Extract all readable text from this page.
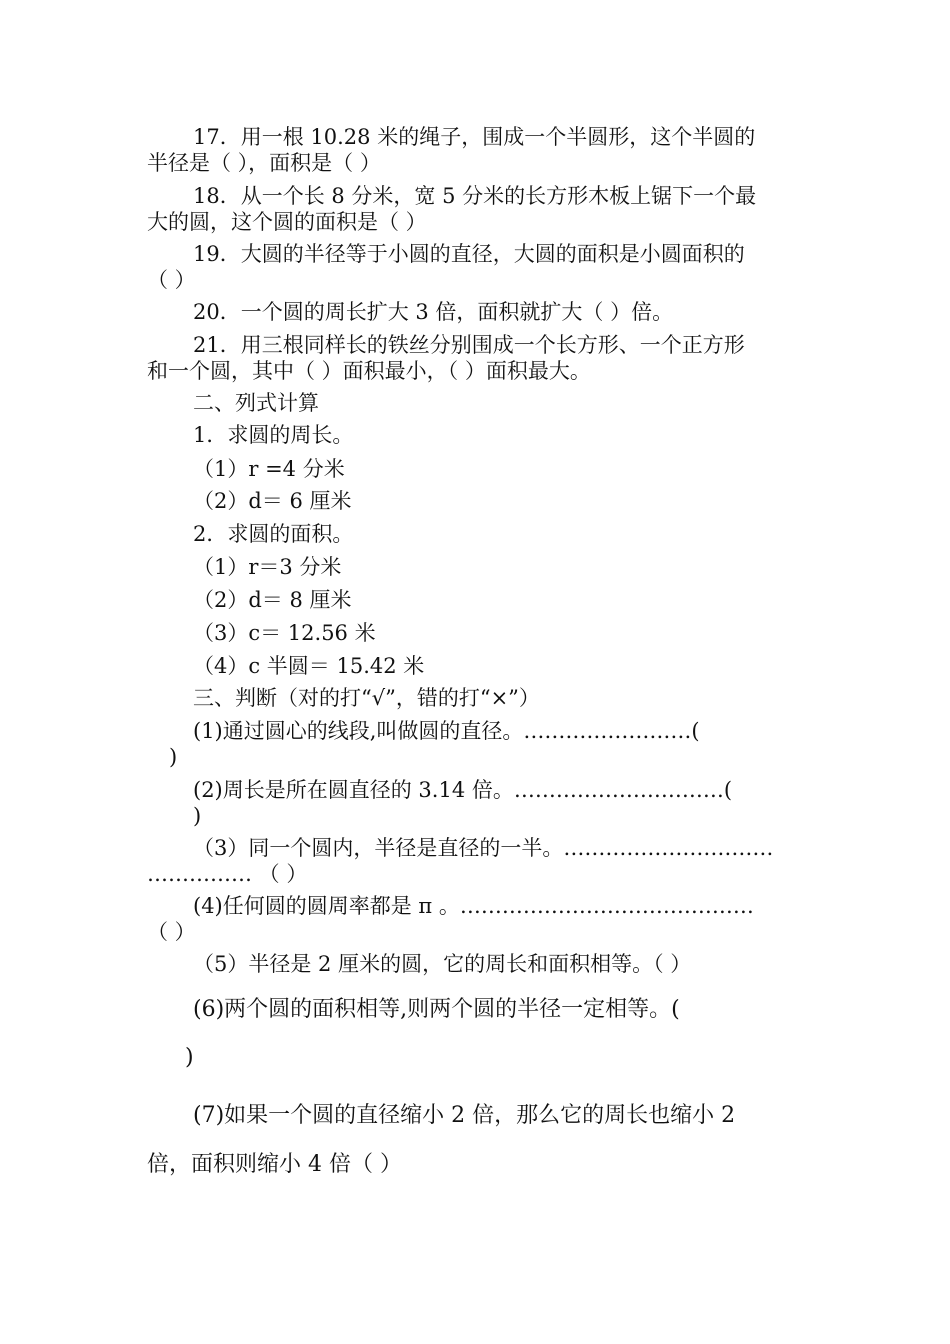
17．用一根 10.28 米的绳子，围成一个半圆形，这个半圆的
半径是（ ），面积是（ ）
18．从一个长 8 分米，宽 5 分米的长方形木板上锯下一个最
大的圆，这个圆的面积是（ ）
19．大圆的半径等于小圆的直径，大圆的面积是小圆面积的
（ ）
20．一个圆的周长扩大 3 倍，面积就扩大（ ）倍。
21．用三根同样长的铁丝分别围成一个长方形、一个正方形
和一个圆，其中（ ）面积最小，（ ）面积最大。
二、列式计算
1．求圆的周长。
（1）r =4 分米
（2）d＝ 6 厘米
2．求圆的面积。
（1）r＝3 分米
（2）d＝ 8 厘米
（3）c＝ 12.56 米
（4）c 半圆＝ 15.42 米
三、判断（对的打“√”，错的打“×”）
(1)通过圆心的线段,叫做圆的直径。……………………(
)
(2)周长是所在圆直径的 3.14 倍。…………………………(
)
（3）同一个圆内，半径是直径的一半。…………………………
…………… （ ）
(4)任何圆的圆周率都是 π 。……………………………………
（ ）
（5）半径是 2 厘米的圆，它的周长和面积相等。（ ）
(6)两个圆的面积相等,则两个圆的半径一定相等。(
)
(7)如果一个圆的直径缩小 2 倍，那么它的周长也缩小 2
倍，面积则缩小 4 倍（ ）
